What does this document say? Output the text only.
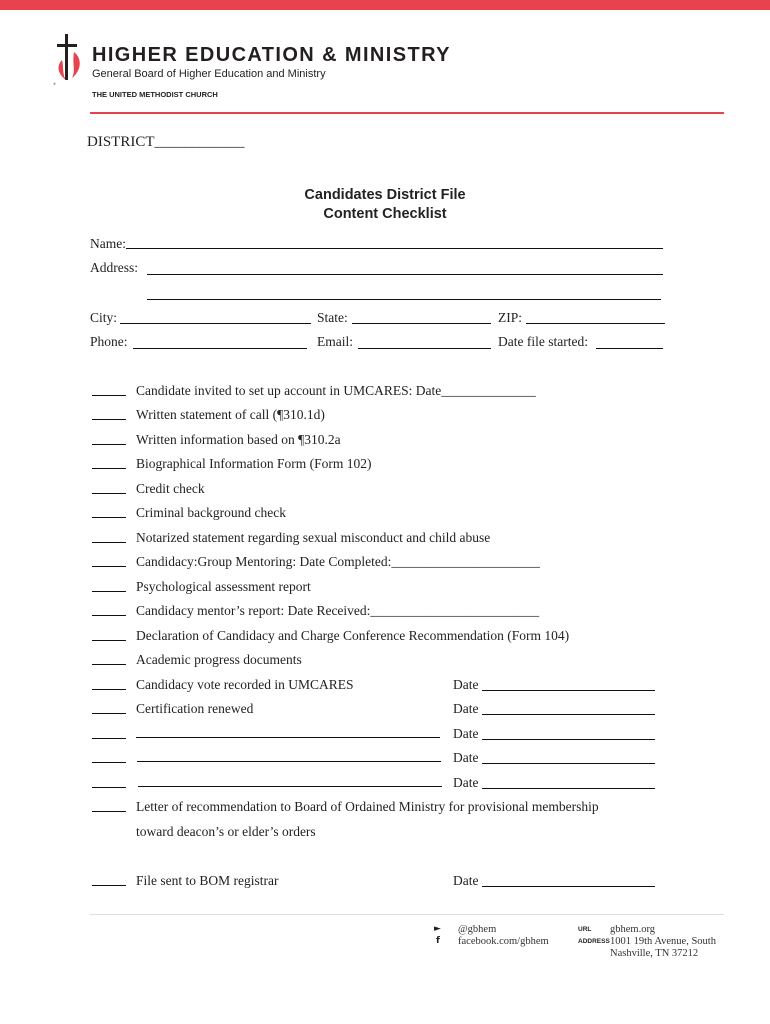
®
HIGHER EDUCATION & MINISTRY
General Board of Higher Education and Ministry
THE UNITED METHODIST CHURCH
DISTRICT____________
Candidates District File
Content Checklist
Name:
Address:
City:	State:	ZIP:
Phone:	Email:	Date file started:
Candidate invited to set up account in UMCARES: Date______________
Written statement of call (¶310.1d)
Written information based on ¶310.2a
Biographical Information Form (Form 102)
Credit check
Criminal background check
Notarized statement regarding sexual misconduct and child abuse
Candidacy:Group Mentoring: Date Completed:______________________
Psychological assessment report
Candidacy mentor’s report: Date Received:_________________________
Declaration of Candidacy and Charge Conference Recommendation (Form 104)
Academic progress documents
Candidacy vote recorded in UMCARES	Date
Certification renewed	Date
Date
Date
Date
Letter of recommendation to Board of Ordained Ministry for provisional membership
toward deacon’s or elder’s orders
File sent to BOM registrar	Date
► @gbhem
f facebook.com/gbhem
URL gbhem.org
ADDRESS 1001 19th Avenue, South
Nashville, TN 37212
